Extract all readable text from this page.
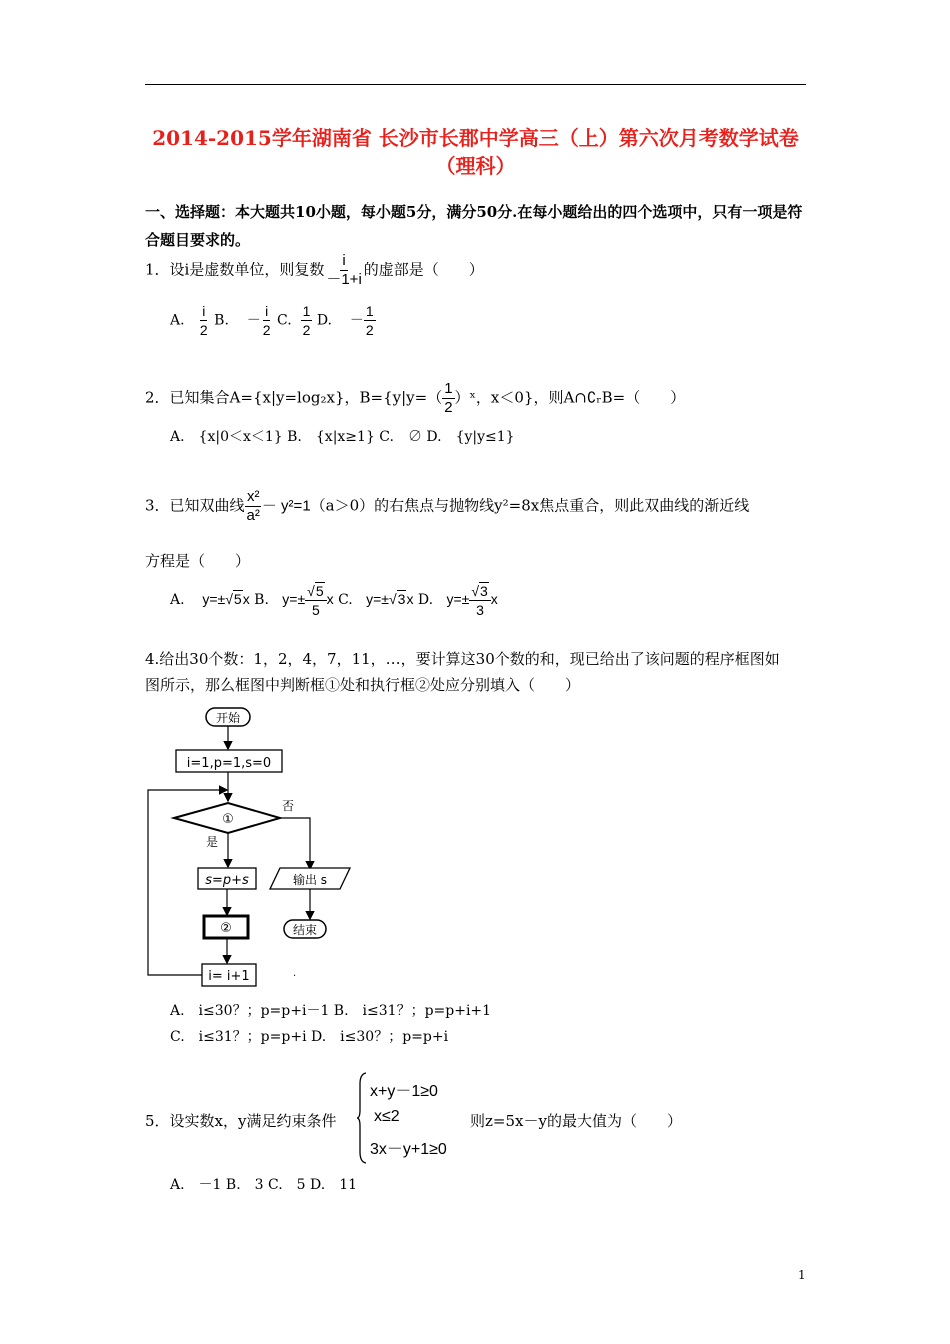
2014-2015学年湖南省 长沙市长郡中学高三（上）第六次月考数学试卷（理科）
一、选择题：本大题共10小题，每小题5分，满分50分.在每小题给出的四个选项中，只有一项是符合题目要求的。
1．设i是虚数单位，则复数 $\frac{i}{-1+i}$ 的虚部是（　　）
A. $\frac{i}{2} B$. － $\frac{i}{2} C$. $\frac{1}{2} D$. － $\frac{1}{2}$
2．已知集合A={x|y=log₂x}，$B=\{y|y=( \frac{1}{2}$ ）ˣ，x＜0}，则A∩∁ᵣB=（　　）
A.　{x|0＜x＜1} B.　{x|x≥1} C.　∅ D.　{y|y≤1}
3．已知双曲线 $\frac{\text{x²}}{\text{a²}} - y^2=1(a>0)$的右焦点与抛物线y²=8x焦点重合，则此双曲线的渐近线
方程是（　　）
A. y=±√5x B. $y=\pm \frac{√5}{5}$ x C. y=±√3x D. $y=\pm \frac{√3}{3}$ x
4.给出30个数：1，2，4，7，11，…，要计算这30个数的和，现已给出了该问题的程序框图如
图所示，那么框图中判断框①处和执行框②处应分别填入（　　）
开始
i=1,p=1,s=0
①
否
是
s=p+s	输出 s
结束
②
i= i+1	.
A.　i≤30？；p=p+i－1 B.　i≤31？；p=p+i+1
C.　i≤31？；p=p+i D.　i≤30？；p=p+i
5．设实数x，y满足约束条件
x+y－1≥0
x≤2
3x－y+1≥0
则z=5x－y的最大值为（　　）
A.　－1 B.　3 C.　5 D.　11
1
